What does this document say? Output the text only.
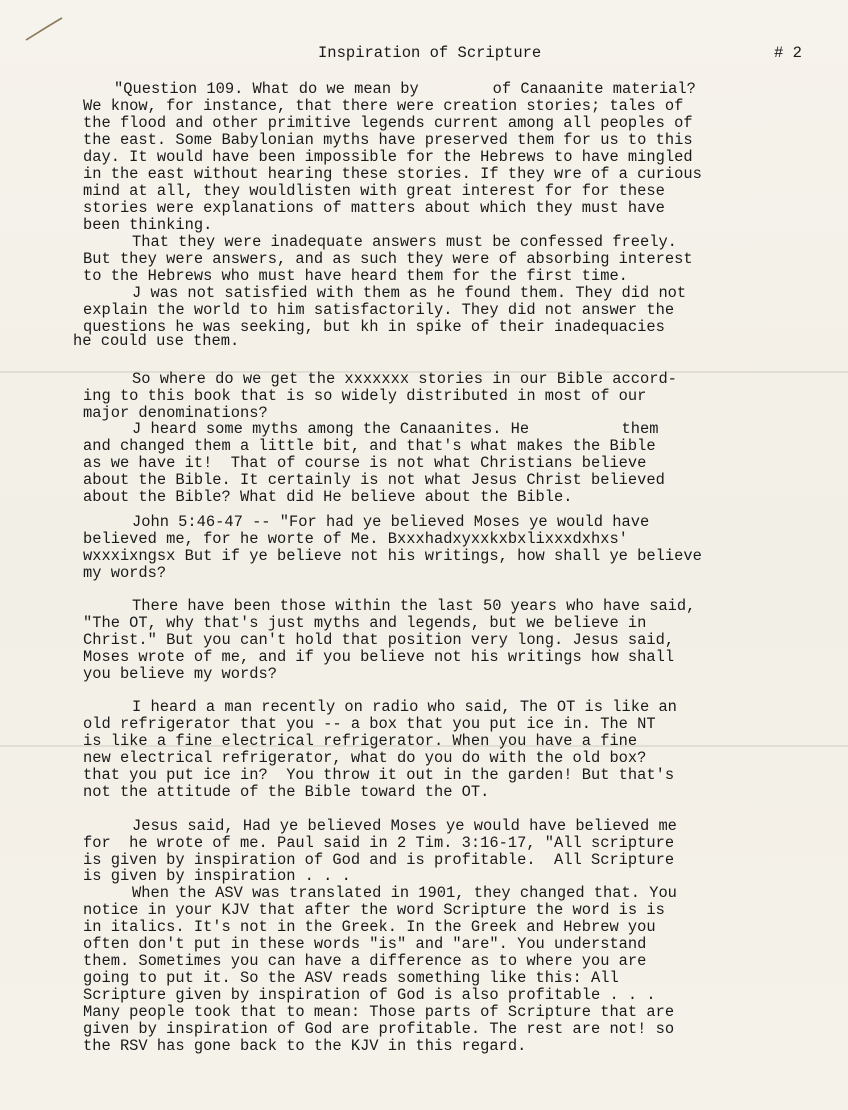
Inspiration of Scripture	# 2
"Question 109. What do we mean by        of Canaanite material?
We know, for instance, that there were creation stories; tales of
the flood and other primitive legends current among all peoples of
the east. Some Babylonian myths have preserved them for us to this
day. It would have been impossible for the Hebrews to have mingled
in the east without hearing these stories. If they wre of a curious
mind at all, they wouldlisten with great interest for for these
stories were explanations of matters about which they must have
been thinking.
That they were inadequate answers must be confessed freely.
But they were answers, and as such they were of absorbing interest
to the Hebrews who must have heard them for the first time.
J was not satisfied with them as he found them. They did not
explain the world to him satisfactorily. They did not answer the
questions he was seeking, but kh in spike of their inadequacies
he could use them.
So where do we get the xxxxxxx stories in our Bible accord-
ing to this book that is so widely distributed in most of our
major denominations?
J heard some myths among the Canaanites. He          them
and changed them a little bit, and that's what makes the Bible
as we have it!  That of course is not what Christians believe
about the Bible. It certainly is not what Jesus Christ believed
about the Bible? What did He believe about the Bible.
John 5:46-47 -- "For had ye believed Moses ye would have
believed me, for he worte of Me. Bxxxhadxyxxkxbxlixxxdxhxs'
wxxxixngsx But if ye believe not his writings, how shall ye believe
my words?
There have been those within the last 50 years who have said,
"The OT, why that's just myths and legends, but we believe in
Christ." But you can't hold that position very long. Jesus said,
Moses wrote of me, and if you believe not his writings how shall
you believe my words?
I heard a man recently on radio who said, The OT is like an
old refrigerator that you -- a box that you put ice in. The NT
is like a fine electrical refrigerator. When you have a fine
new electrical refrigerator, what do you do with the old box?
that you put ice in?  You throw it out in the garden! But that's
not the attitude of the Bible toward the OT.
Jesus said, Had ye believed Moses ye would have believed me
for  he wrote of me. Paul said in 2 Tim. 3:16-17, "All scripture
is given by inspiration of God and is profitable.  All Scripture
is given by inspiration . . .
When the ASV was translated in 1901, they changed that. You
notice in your KJV that after the word Scripture the word is is
in italics. It's not in the Greek. In the Greek and Hebrew you
often don't put in these words "is" and "are". You understand
them. Sometimes you can have a difference as to where you are
going to put it. So the ASV reads something like this: All
Scripture given by inspiration of God is also profitable . . .
Many people took that to mean: Those parts of Scripture that are
given by inspiration of God are profitable. The rest are not! so
the RSV has gone back to the KJV in this regard.
